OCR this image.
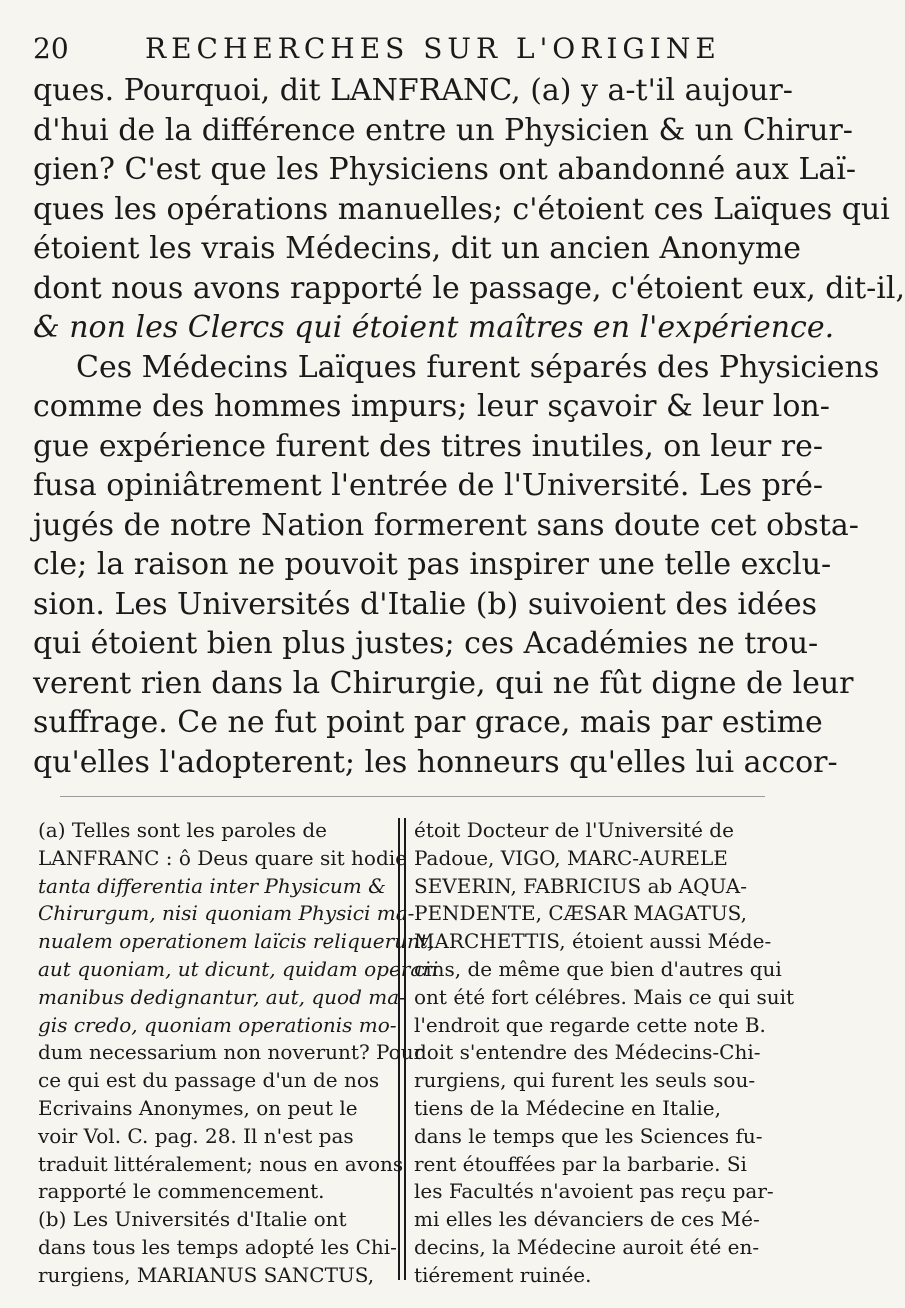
20	RECHERCHES SUR L'ORIGINE
ques. Pourquoi, dit LANFRANC, (a) y a-t'il aujour-
d'hui de la différence entre un Physicien & un Chirur-
gien? C'est que les Physiciens ont abandonné aux Laï-
ques les opérations manuelles; c'étoient ces Laïques qui
étoient les vrais Médecins, dit un ancien Anonyme
dont nous avons rapporté le passage, c'étoient eux, dit-il,
& non les Clercs qui étoient maîtres en l'expérience.
Ces Médecins Laïques furent séparés des Physiciens
comme des hommes impurs; leur sçavoir & leur lon-
gue expérience furent des titres inutiles, on leur re-
fusa opiniâtrement l'entrée de l'Université. Les pré-
jugés de notre Nation formerent sans doute cet obsta-
cle; la raison ne pouvoit pas inspirer une telle exclu-
sion. Les Universités d'Italie (b) suivoient des idées
qui étoient bien plus justes; ces Académies ne trou-
verent rien dans la Chirurgie, qui ne fût digne de leur
suffrage. Ce ne fut point par grace, mais par estime
qu'elles l'adopterent; les honneurs qu'elles lui accor-
(a) Telles sont les paroles de
LANFRANC : ô Deus quare sit hodie
tanta differentia inter Physicum &
Chirurgum, nisi quoniam Physici ma-
nualem operationem laïcis reliquerunt,
aut quoniam, ut dicunt, quidam operari
manibus dedignantur, aut, quod ma-
gis credo, quoniam operationis mo-
dum necessarium non noverunt? Pour
ce qui est du passage d'un de nos
Ecrivains Anonymes, on peut le
voir Vol. C. pag. 28. Il n'est pas
traduit littéralement; nous en avons
rapporté le commencement.
(b) Les Universités d'Italie ont
dans tous les temps adopté les Chi-
rurgiens, MARIANUS SANCTUS,
étoit Docteur de l'Université de
Padoue, VIGO, MARC-AURELE
SEVERIN, FABRICIUS ab AQUA-
PENDENTE, CÆSAR MAGATUS,
MARCHETTIS, étoient aussi Méde-
cins, de même que bien d'autres qui
ont été fort célébres. Mais ce qui suit
l'endroit que regarde cette note B.
doit s'entendre des Médecins-Chi-
rurgiens, qui furent les seuls sou-
tiens de la Médecine en Italie,
dans le temps que les Sciences fu-
rent étouffées par la barbarie. Si
les Facultés n'avoient pas reçu par-
mi elles les dévanciers de ces Mé-
decins, la Médecine auroit été en-
tiérement ruinée.
